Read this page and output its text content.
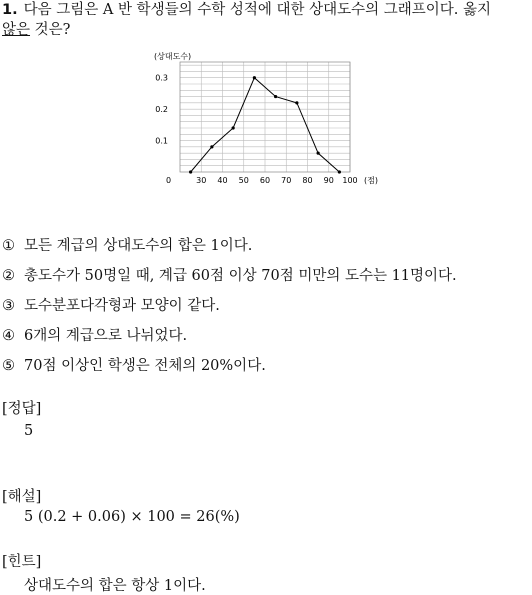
1. 다음 그림은 A 반 학생들의 수학 성적에 대한 상대도수의 그래프이다. 옳지
않은 것은?
30 40 50 60 70 80 90 100
0.1
0.2
0.3
(상대도수)
(점)
0
① 모든 계급의 상대도수의 합은 1이다.
② 총도수가 50명일 때, 계급 60점 이상 70점 미만의 도수는 11명이다.
③ 도수분포다각형과 모양이 같다.
④ 6개의 계급으로 나뉘었다.
⑤ 70점 이상인 학생은 전체의 20%이다.
[정답]
5
[해설]
5 (0.2 + 0.06) × 100 = 26(%)
[힌트]
상대도수의 합은 항상 1이다.
